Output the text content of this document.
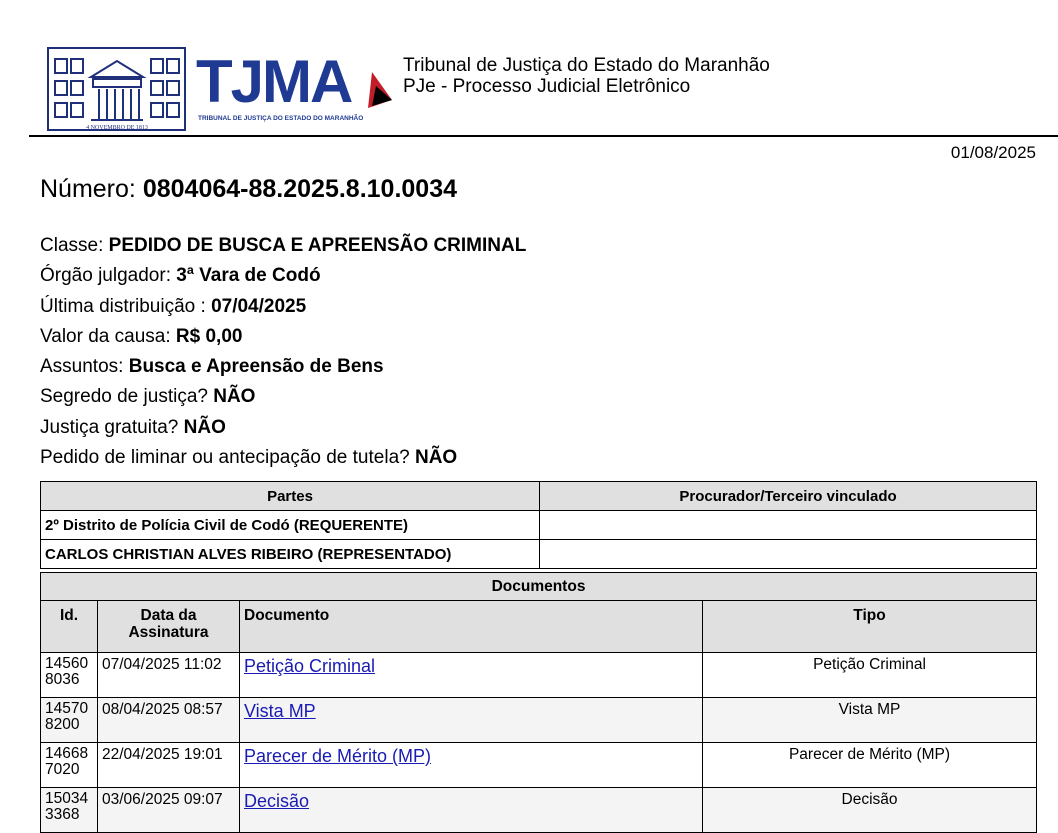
4 NOVEMBRO DE 1813
TJMA
TRIBUNAL DE JUSTIÇA DO ESTADO DO MARANHÃO
Tribunal de Justiça do Estado do Maranhão
PJe - Processo Judicial Eletrônico
01/08/2025
Número: 0804064-88.2025.8.10.0034
Classe: PEDIDO DE BUSCA E APREENSÃO CRIMINAL
Órgão julgador: 3ª Vara de Codó
Última distribuição : 07/04/2025
Valor da causa: R$ 0,00
Assuntos: Busca e Apreensão de Bens
Segredo de justiça? NÃO
Justiça gratuita? NÃO
Pedido de liminar ou antecipação de tutela? NÃO
Partes	Procurador/Terceiro vinculado
2º Distrito de Polícia Civil de Codó (REQUERENTE)	
CARLOS CHRISTIAN ALVES RIBEIRO (REPRESENTADO)	
Documentos			
Id.	Data da Assinatura	Documento	Tipo
14560
8036	07/04/2025 11:02	Petição Criminal	Petição Criminal
14570
8200	08/04/2025 08:57	Vista MP	Vista MP
14668
7020	22/04/2025 19:01	Parecer de Mérito (MP)	Parecer de Mérito (MP)
15034
3368	03/06/2025 09:07	Decisão	Decisão
